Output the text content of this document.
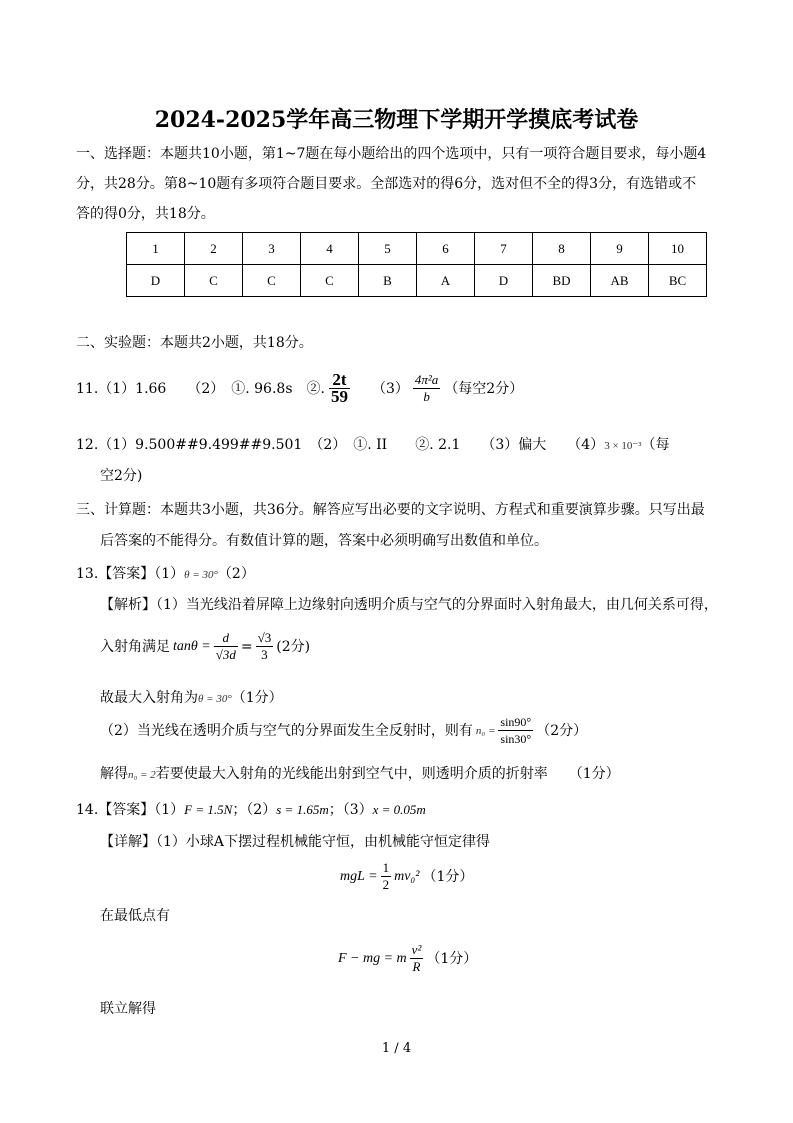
2024-2025学年高三物理下学期开学摸底考试卷
一、选择题：本题共10小题，第1~7题在每小题给出的四个选项中，只有一项符合题目要求，每小题4
分，共28分。第8~10题有多项符合题目要求。全部选对的得6分，选对但不全的得3分，有选错或不
答的得0分，共18分。
1	2	3	4	5	6	7	8	9	10
D	C	C	C	B	A	D	BD	AB	BC
二、实验题：本题共2小题，共18分。
11.（1）1.66　　（2）　①. 96.8s　②. $\frac{2t}{59} (3) \frac{\text{4π²a}}{b}$ （每空2分）
12.（1）9.500##9.499##9.501　（2）　①. II　　②. 2.1　　（3）偏大　　（4）3 × 10⁻³（每
空2分)
三、计算题：本题共3小题，共36分。解答应写出必要的文字说明、方程式和重要演算步骤。只写出最
后答案的不能得分。有数值计算的题，答案中必须明确写出数值和单位。
13.【答案】（1）θ = 30°（2）
【解析】（1）当光线沿着屏障上边缘射向透明介质与空气的分界面时入射角最大，由几何关系可得，
入射角满足 $\tan\theta = \frac{d}{√3d} = \frac{√3}{3} (2$分)
故最大入射角为θ = 30°（1分）
（2）当光线在透明介质与空气的分界面发生全反射时，则有 $n_0 = \frac{\sin 90^\circ}{\sin 30^\circ} (2$分）
解得n₀ = 2若要使最大入射角的光线能出射到空气中，则透明介质的折射率　　（1分）
14.【答案】（1）F = 1.5N；（2）s = 1.65m；（3）x = 0.05m
【详解】（1）小球A下摆过程机械能守恒，由机械能守恒定律得
mgL = $\frac{1}{2} mv_0^2$ （1分）
在最低点有
F − mg = m $\frac{\text{v²}}{R} (1$分）
联立解得
1 / 4
